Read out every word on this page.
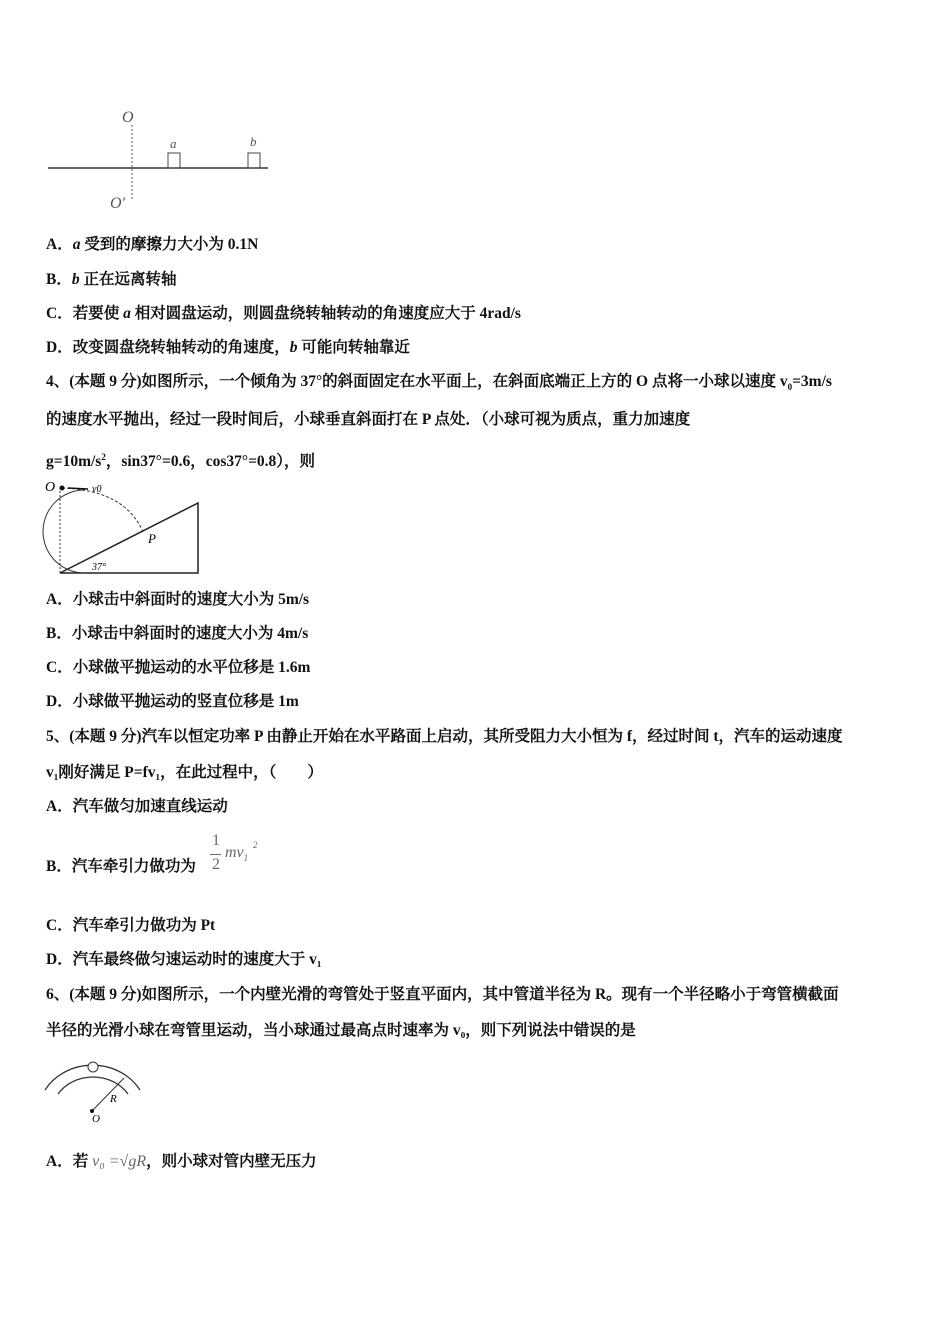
O
O′
a	b
A．a 受到的摩擦力大小为 0.1N
B．b 正在远离转轴
C．若要使 a 相对圆盘运动，则圆盘绕转轴转动的角速度应大于 4rad/s
D．改变圆盘绕转轴转动的角速度，b 可能向转轴靠近
4、(本题 9 分)如图所示，一个倾角为 37°的斜面固定在水平面上，在斜面底端正上方的 O 点将一小球以速度 $v_0=3m/s$
的速度水平抛出，经过一段时间后，小球垂直斜面打在 P 点处．（小球可视为质点，重力加速度
$g=10m/s^2$，sin37°=0.6，cos37°=0.8），则
O	v0
P
37°
A．小球击中斜面时的速度大小为 5m/s
B．小球击中斜面时的速度大小为 4m/s
C．小球做平抛运动的水平位移是 1.6m
D．小球做平抛运动的竖直位移是 1m
5、(本题 9 分)汽车以恒定功率 P 由静止开始在水平路面上启动，其所受阻力大小恒为 f，经过时间 t，汽车的运动速度
v₁刚好满足 P=fv₁，在此过程中，（　　）
A．汽车做匀加速直线运动
B．汽车牵引力做功为
1
2
$mv_1$
2
C．汽车牵引力做功为 Pt
D．汽车最终做匀速运动时的速度大于 v₁
6、(本题 9 分)如图所示，一个内壁光滑的弯管处于竖直平面内，其中管道半径为 R。现有一个半径略小于弯管横截面
半径的光滑小球在弯管里运动，当小球通过最高点时速率为 v₀，则下列说法中错误的是
R
O
A．若 v₀ =√gR，则小球对管内壁无压力
